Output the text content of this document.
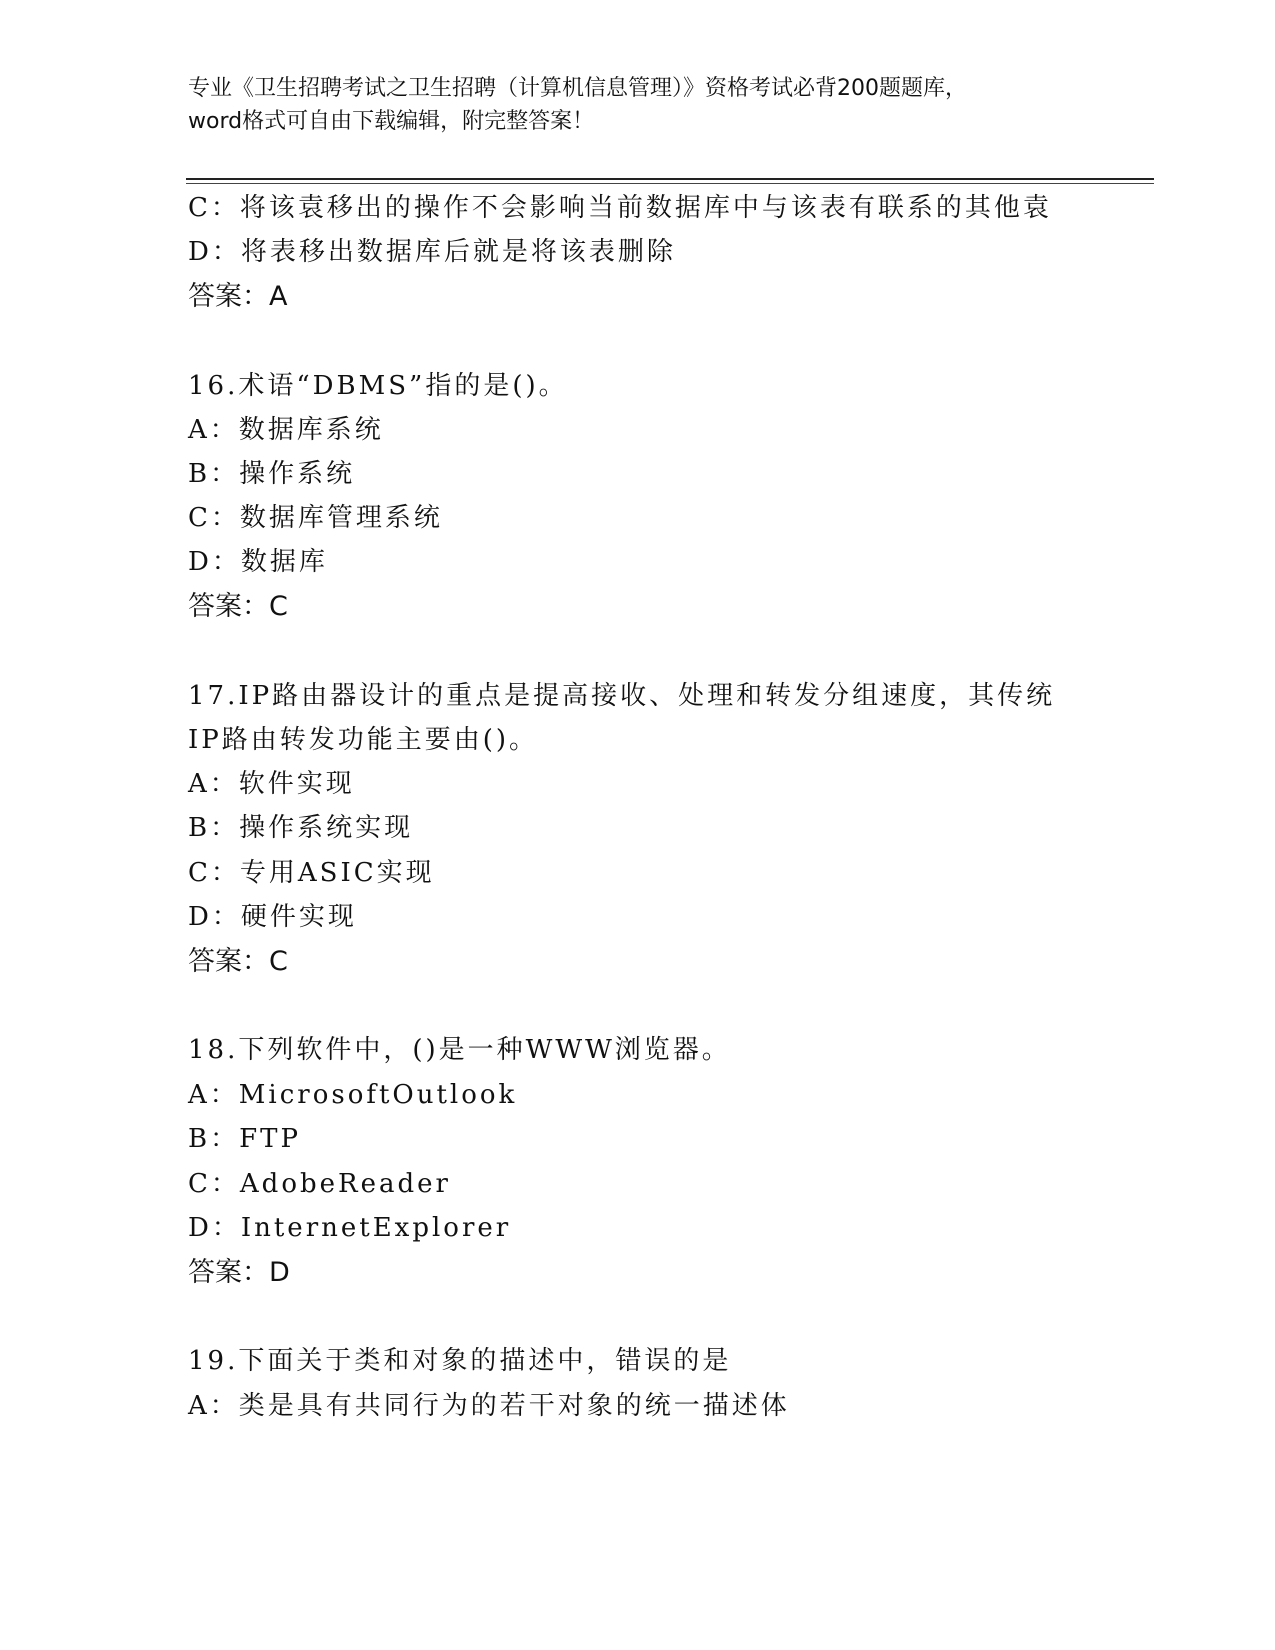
专业《卫生招聘考试之卫生招聘（计算机信息管理）》资格考试必背200题题库，
word格式可自由下载编辑，附完整答案！
C：将该袁移出的操作不会影响当前数据库中与该表有联系的其他袁
D：将表移出数据库后就是将该表删除
答案：A
16.术语“DBMS”指的是()。
A：数据库系统
B：操作系统
C：数据库管理系统
D：数据库
答案：C
17.IP路由器设计的重点是提高接收、处理和转发分组速度，其传统
IP路由转发功能主要由()。
A：软件实现
B：操作系统实现
C：专用ASIC实现
D：硬件实现
答案：C
18.下列软件中，()是一种WWW浏览器。
A：MicrosoftOutlook
B：FTP
C：AdobeReader
D：InternetExplorer
答案：D
19.下面关于类和对象的描述中，错误的是
A：类是具有共同行为的若干对象的统一描述体
